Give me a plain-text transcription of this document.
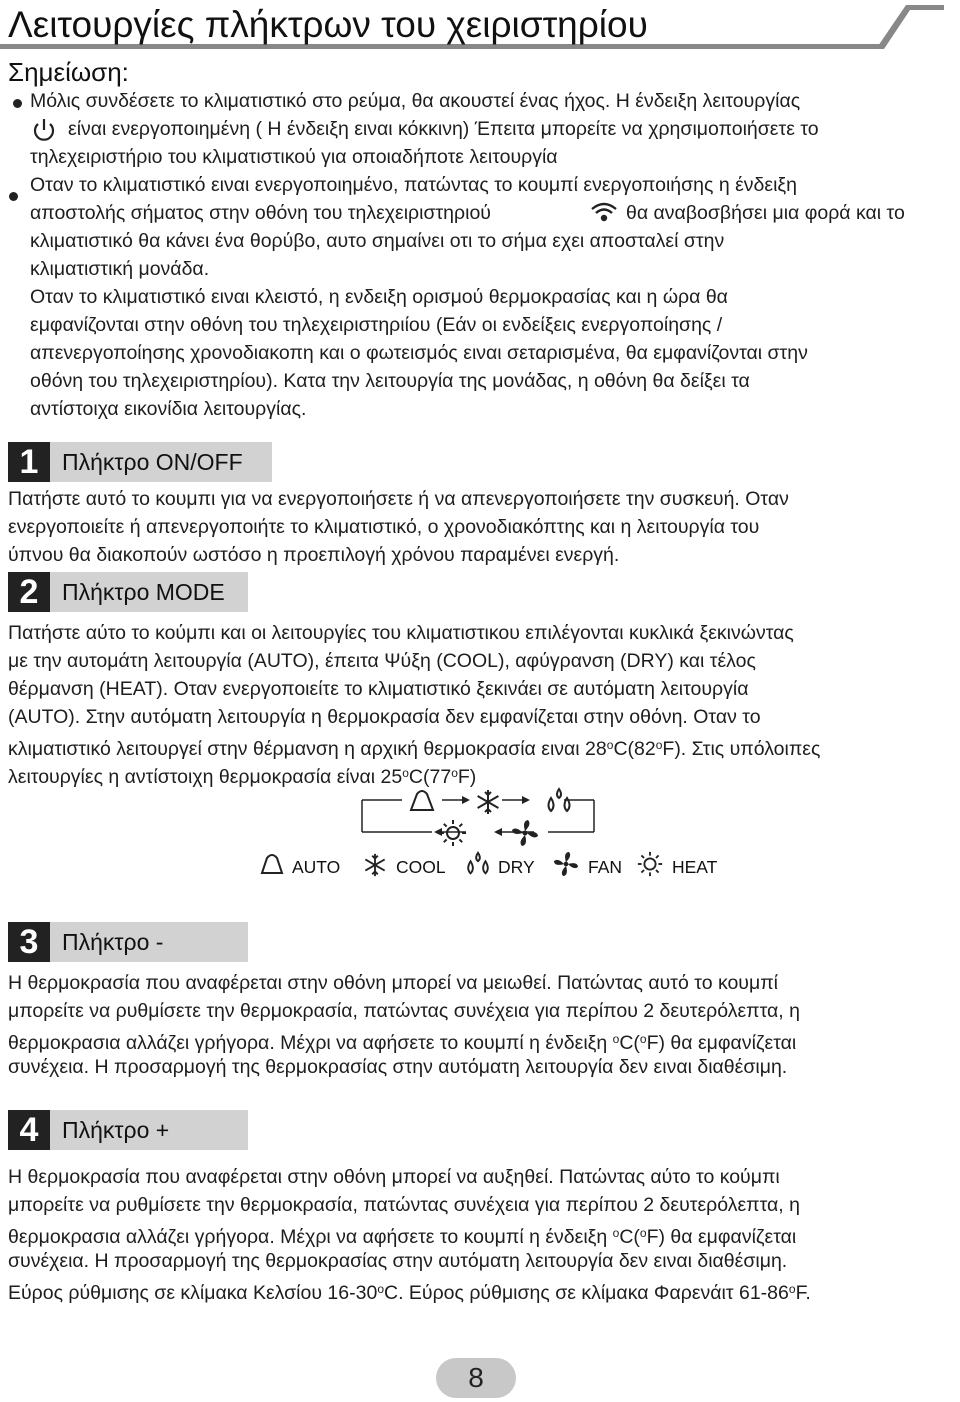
Λειτουργίες πλήκτρων του χειριστηρίου
Σημείωση:
Μόλις συνδέσετε το κλιματιστικό στο ρεύμα, θα ακουστεί ένας ήχος. Η ένδειξη λειτουργίας
είναι ενεργοποιημένη ( Η ένδειξη ειναι κόκκινη) Έπειτα μπορείτε να χρησιμοποιήσετε το
τηλεχειριστήριο του κλιματιστικού για οποιαδήποτε λειτουργία
Οταν το κλιματιστικό ειναι ενεργοποιημένο, πατώντας το κουμπί ενεργοποιήσης η ένδειξη
αποστολής σήματος στην οθόνη του τηλεχειριστηριού	θα αναβοσβήσει μια φορά και το
κλιματιστικό θα κάνει ένα θορύβο, αυτο σημαίνει οτι το σήμα εχει αποσταλεί στην
κλιματιστική μονάδα.
Οταν το κλιματιστικό ειναι κλειστό, η ενδειξη ορισμού θερμοκρασίας και η ώρα θα
εμφανίζονται στην οθόνη του τηλεχειριστηριίου (Εάν οι ενδείξεις ενεργοποίησης /
απενεργοποίησης χρονοδιακοπη και ο φωτεισμός ειναι σεταρισμένα, θα εμφανίζονται στην
οθόνη του τηλεχειριστηρίου). Κατα την λειτουργία της μονάδας, η οθόνη θα δείξει τα
αντίστοιχα εικονίδια λειτουργίας.
1	Πλήκτρο ON/OFF
Πατήστε αυτό το κουμπι για να ενεργοποιήσετε ή να απενεργοποιήσετε την συσκευή. Οταν
ενεργοποιείτε ή απενεργοποιήτε το κλιματιστικό, ο χρονοδιακόπτης και η λειτουργία του
ύπνου θα διακοπούν ωστόσο η προεπιλογή χρόνου παραμένει ενεργή.
2	Πλήκτρο MODE
Πατήστε αύτο το κούμπι και οι λειτουργίες του κλιματιστικου επιλέγονται κυκλικά ξεκινώντας
με την αυτομάτη λειτουργία (AUTO), έπειτα Ψύξη (COOL), αφύγρανση (DRY) και τέλος
θέρμανση (HEAT). Οταν ενεργοποιείτε το κλιματιστικό ξεκινάει σε αυτόματη λειτουργία
(AUTO). Στην αυτόματη λειτουργία η θερμοκρασία δεν εμφανίζεται στην οθόνη. Οταν το
κλιματιστικό λειτουργεί στην θέρμανση η αρχική θερμοκρασία ειναι 28$^o$C(82$^o$F). Στις υπόλοιπες
λειτουργίες η αντίστοιχη θερμοκρασία είναι 25$^o$C(77$^o$F)
AUTO	COOL	DRY	FAN	HEAT
3	Πλήκτρο -
Η θερμοκρασία που αναφέρεται στην οθόνη μπορεί να μειωθεί. Πατώντας αυτό το κουμπί
μπορείτε να ρυθμίσετε την θερμοκρασία, πατώντας συνέχεια για περίπου 2 δευτερόλεπτα, η
θερμοκρασια αλλάζει γρήγορα. Μέχρι να αφήσετε το κουμπί η ένδειξη $^o$C($^o$F) θα εμφανίζεται
συνέχεια. Η προσαρμογή της θερμοκρασίας στην αυτόματη λειτουργία δεν ειναι διαθέσιμη.
4	Πλήκτρο +
Η θερμοκρασία που αναφέρεται στην οθόνη μπορεί να αυξηθεί. Πατώντας αύτο το κούμπι
μπορείτε να ρυθμίσετε την θερμοκρασία, πατώντας συνέχεια για περίπου 2 δευτερόλεπτα, η
θερμοκρασια αλλάζει γρήγορα. Μέχρι να αφήσετε το κουμπί η ένδειξη $^o$C($^o$F) θα εμφανίζεται
συνέχεια. Η προσαρμογή της θερμοκρασίας στην αυτόματη λειτουργία δεν ειναι διαθέσιμη.
Εύρος ρύθμισης σε κλίμακα Κελσίου 16-30$^o$C. Εύρος ρύθμισης σε κλίμακα Φαρενάιτ 61-86$^o$F.
8
